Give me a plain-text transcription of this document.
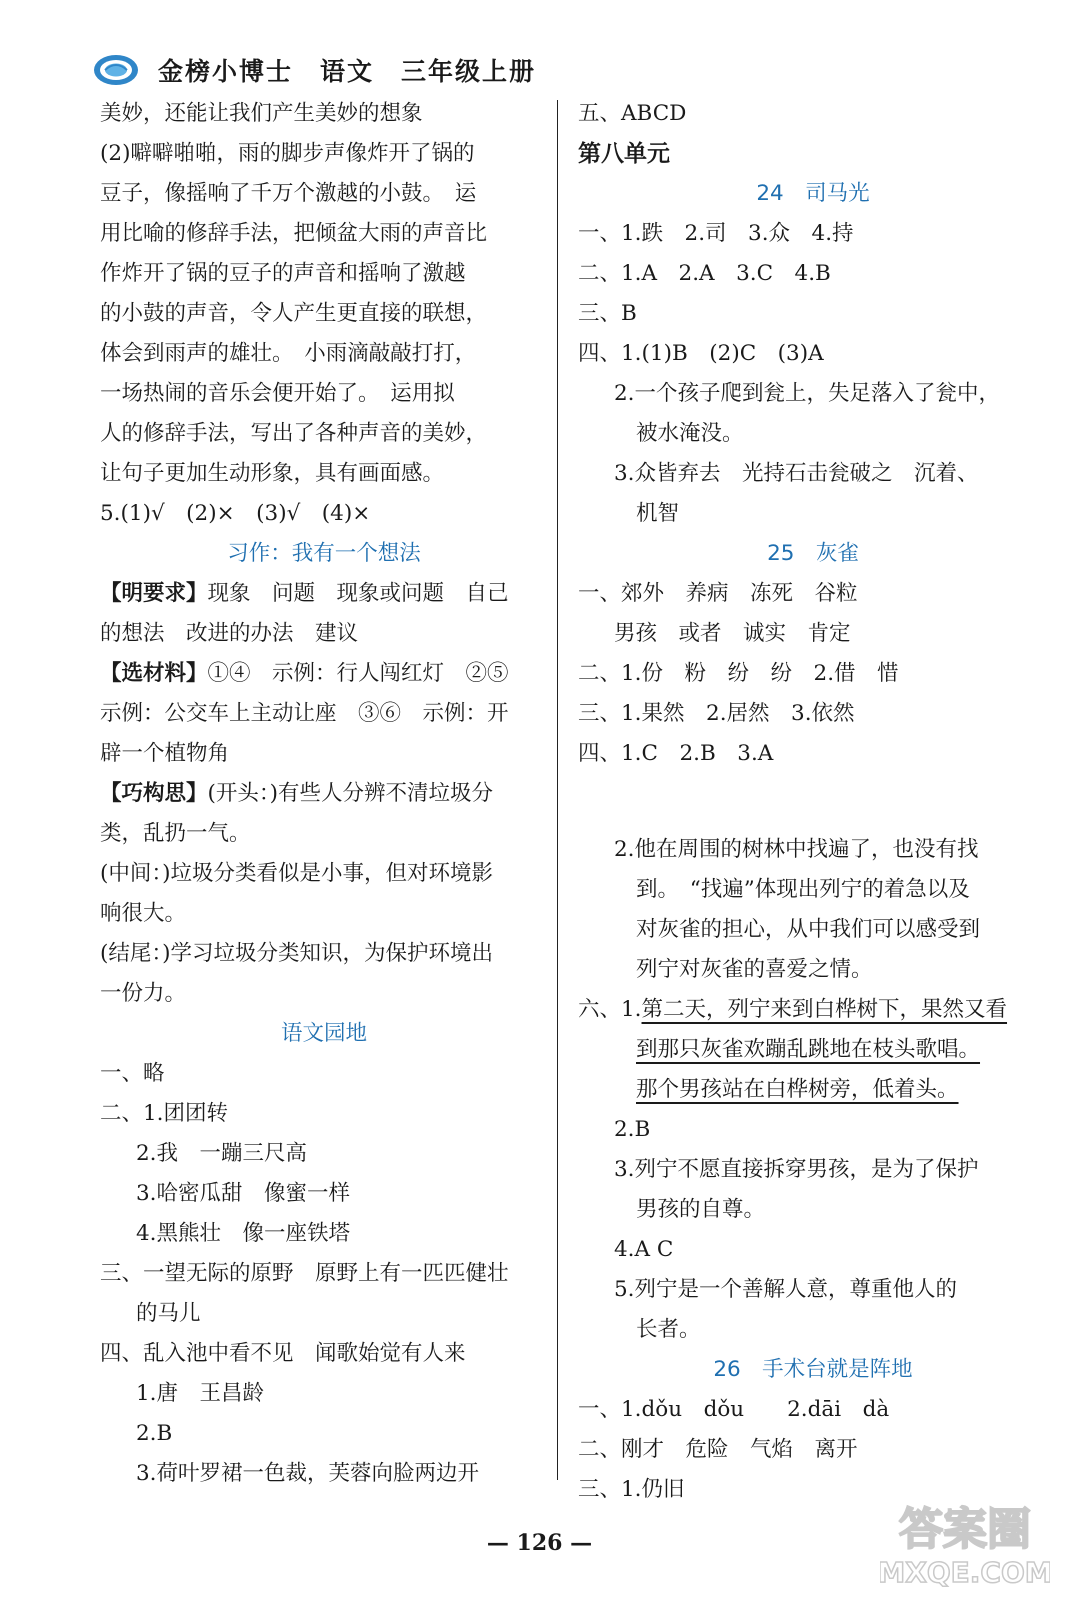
金榜小博士　语文　三年级上册
美妙，还能让我们产生美妙的想象
(2)噼噼啪啪，雨的脚步声像炸开了锅的
豆子，像摇响了千万个激越的小鼓。　运
用比喻的修辞手法，把倾盆大雨的声音比
作炸开了锅的豆子的声音和摇响了激越
的小鼓的声音，令人产生更直接的联想，
体会到雨声的雄壮。　小雨滴敲敲打打，
一场热闹的音乐会便开始了。　运用拟
人的修辞手法，写出了各种声音的美妙，
让句子更加生动形象，具有画面感。
5.(1)√　(2)×　(3)√　(4)×
习作：我有一个想法
【明要求】现象　问题　现象或问题　自己
的想法　改进的办法　建议
【选材料】①④　示例：行人闯红灯　②⑤
示例：公交车上主动让座　③⑥　示例：开
辟一个植物角
【巧构思】(开头：)有些人分辨不清垃圾分
类，乱扔一气。
(中间：)垃圾分类看似是小事，但对环境影
响很大。
(结尾：)学习垃圾分类知识，为保护环境出
一份力。
语文园地
一、略
二、1.团团转
2.我　一蹦三尺高
3.哈密瓜甜　像蜜一样
4.黑熊壮　像一座铁塔
三、一望无际的原野　原野上有一匹匹健壮
的马儿
四、乱入池中看不见　闻歌始觉有人来
1.唐　王昌龄
2.B
3.荷叶罗裙一色裁，芙蓉向脸两边开
五、ABCD
第八单元
24　司马光
一、1.跌　2.司　3.众　4.持
二、1.A　2.A　3.C　4.B
三、B
四、1.(1)B　(2)C　(3)A
2.一个孩子爬到瓮上，失足落入了瓮中，
被水淹没。
3.众皆弃去　光持石击瓮破之　沉着、
机智
25　灰雀
一、郊外　养病　冻死　谷粒
男孩　或者　诚实　肯定
二、1.份　粉　纷　纷　2.借　惜
三、1.果然　2.居然　3.依然
四、1.C　2.B　3.A

2.他在周围的树林中找遍了，也没有找
到。　“找遍”体现出列宁的着急以及
对灰雀的担心，从中我们可以感受到
列宁对灰雀的喜爱之情。
六、1.第二天，列宁来到白桦树下，果然又看
到那只灰雀欢蹦乱跳地在枝头歌唱。
那个男孩站在白桦树旁，低着头。
2.B
3.列宁不愿直接拆穿男孩，是为了保护
男孩的自尊。
4.A C
5.列宁是一个善解人意，尊重他人的
长者。
26　手术台就是阵地
一、1.dǒu　dǒu　　2.dāi　dà
二、刚才　危险　气焰　离开
三、1.仍旧
— 126 —	答案圈
MXQE.COM
